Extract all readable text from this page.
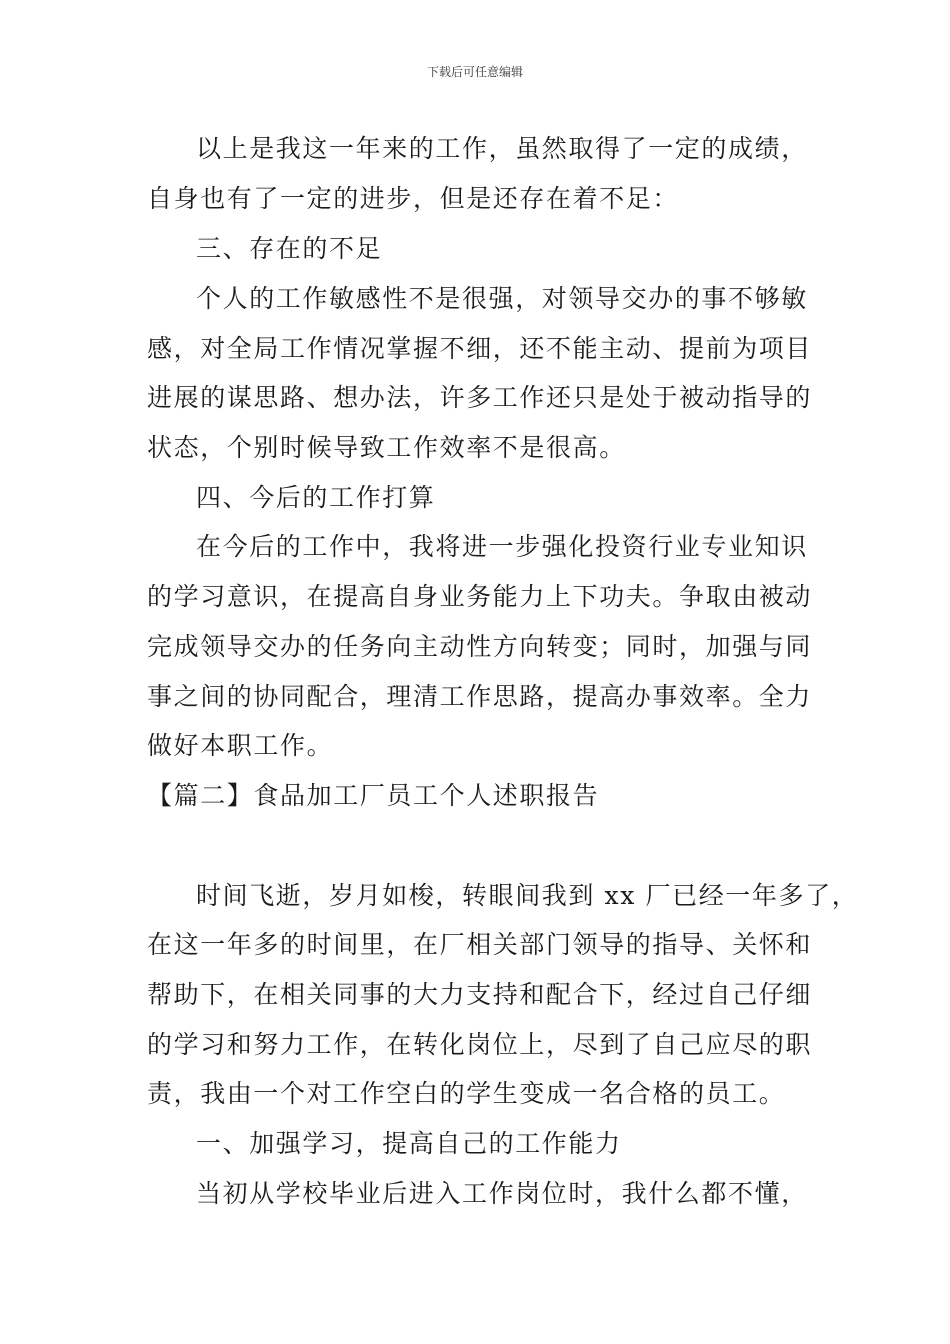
下载后可任意编辑
以上是我这一年来的工作，虽然取得了一定的成绩，
自身也有了一定的进步，但是还存在着不足：
三、存在的不足
个人的工作敏感性不是很强，对领导交办的事不够敏
感，对全局工作情况掌握不细，还不能主动、提前为项目
进展的谋思路、想办法，许多工作还只是处于被动指导的
状态，个别时候导致工作效率不是很高。
四、今后的工作打算
在今后的工作中，我将进一步强化投资行业专业知识
的学习意识，在提高自身业务能力上下功夫。争取由被动
完成领导交办的任务向主动性方向转变；同时，加强与同
事之间的协同配合，理清工作思路，提高办事效率。全力
做好本职工作。
【篇二】食品加工厂员工个人述职报告
时间飞逝，岁月如梭，转眼间我到 xx 厂已经一年多了，
在这一年多的时间里，在厂相关部门领导的指导、关怀和
帮助下，在相关同事的大力支持和配合下，经过自己仔细
的学习和努力工作，在转化岗位上，尽到了自己应尽的职
责，我由一个对工作空白的学生变成一名合格的员工。
一、加强学习，提高自己的工作能力
当初从学校毕业后进入工作岗位时，我什么都不懂，
